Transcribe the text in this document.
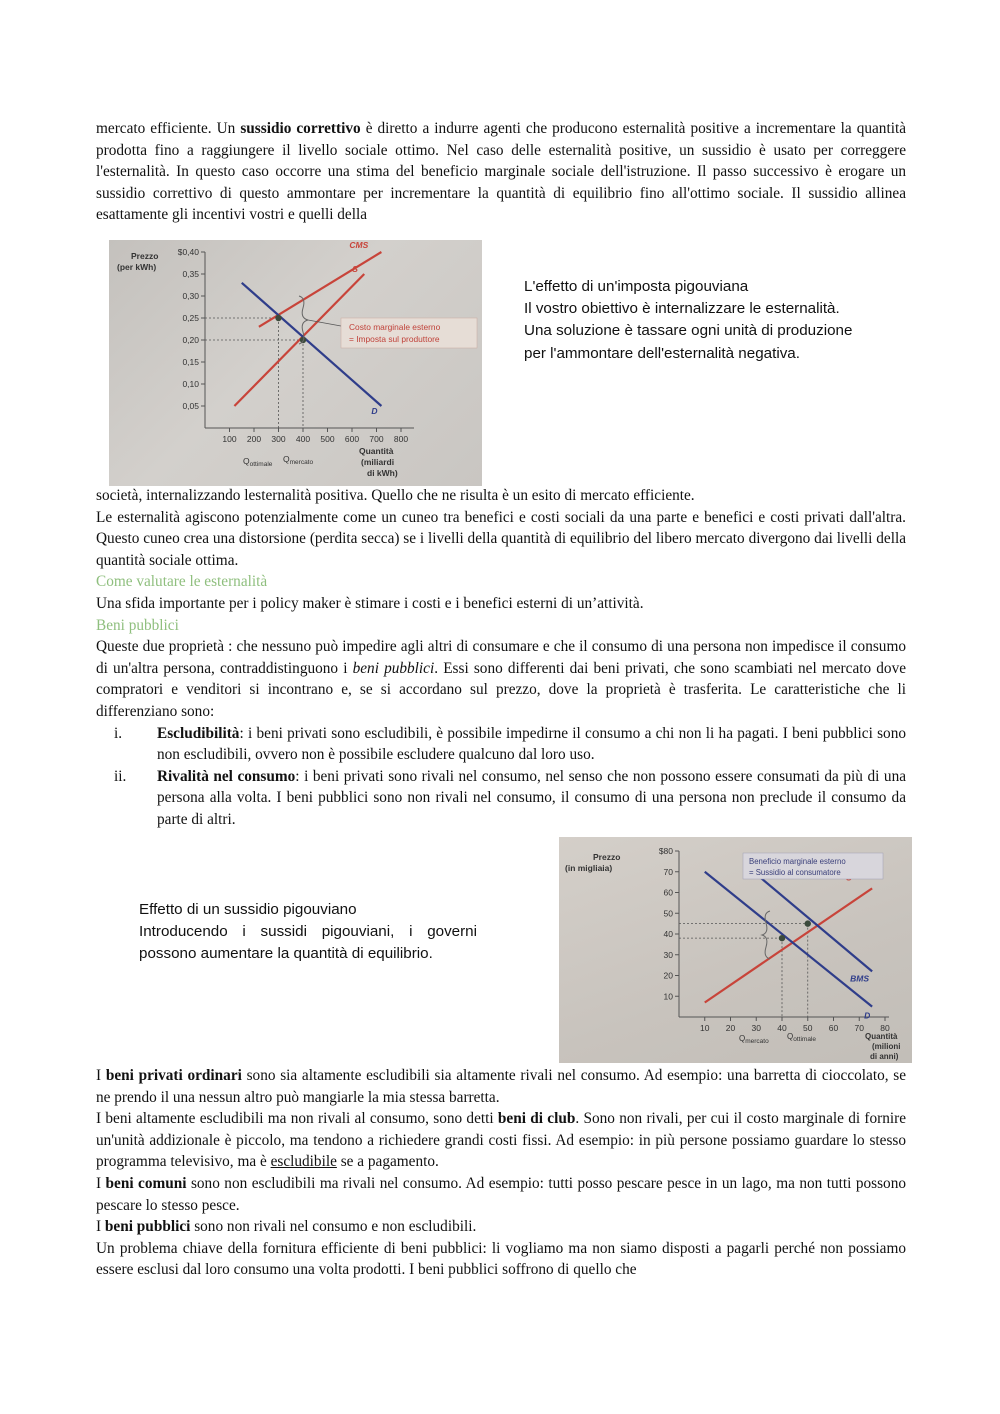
mercato efficiente. Un sussidio correttivo è diretto a indurre agenti che producono esternalità positive a incrementare la quantità prodotta fino a raggiungere il livello sociale ottimo. Nel caso delle esternalità positive, un sussidio è usato per correggere l'esternalità. In questo caso occorre una stima del beneficio marginale sociale dell'istruzione. Il passo successivo è erogare un sussidio correttivo di questo ammontare per incrementare la quantità di equilibrio fino all'ottimo sociale. Il sussidio allinea esattamente gli incentivi vostri e quelli della

Prezzo
(per kWh)
$0,40
0,35
0,30
0,25
0,20
0,15
0,10
0,05
100 200 300 400 500 600 700 800
CMS
S
D
Costo marginale esterno
= Imposta sul produttore
$Q_{ottimale}$
$Q_{mercato}$
Quantità
(miliardi
di kWh)
L'effetto di un'imposta pigouviana
Il vostro obiettivo è internalizzare le esternalità.
Una soluzione è tassare ogni unità di produzione
per l'ammontare dell'esternalità negativa.

società, internalizzando lesternalità positiva. Quello che ne risulta è un esito di mercato efficiente.

Le esternalità agiscono potenzialmente come un cuneo tra benefici e costi sociali da una parte e benefici e costi privati dall'altra. Questo cuneo crea una distorsione (perdita secca) se i livelli della quantità di equilibrio del libero mercato divergono dai livelli della quantità sociale ottima.

Come valutare le esternalità

Una sfida importante per i policy maker è stimare i costi e i benefici esterni di un’attività.

Beni pubblici

Queste due proprietà : che nessuno può impedire agli altri di consumare e che il consumo di una persona non impedisce il consumo di un'altra persona, contraddistinguono i beni pubblici. Essi sono differenti dai beni privati, che sono scambiati nel mercato dove compratori e venditori si incontrano e, se si accordano sul prezzo, dove la proprietà è trasferita. Le caratteristiche che li differenziano sono:

i. Escludibilità: i beni privati sono escludibili, è possibile impedirne il consumo a chi non li ha pagati. I beni pubblici sono non escludibili, ovvero non è possibile escludere qualcuno dal loro uso.
ii. Rivalità nel consumo: i beni privati sono rivali nel consumo, nel senso che non possono essere consumati da più di una persona alla volta. I beni pubblici sono non rivali nel consumo, il consumo di una persona non preclude il consumo da parte di altri.
Effetto di un sussidio pigouviano
Introducendo i sussidi pigouviani, i governi possono aumentare la quantità di equilibrio.
Prezzo
(in migliaia)
$80
70
60
50
40
30
20
10
10 20 30 40 50 60 70 80
D
BMS
Beneficio marginale esterno
= Sussidio al consumatore
$Q_{mercato}$
$Q_{ottimale}$	Quantità
(milioni
di anni)

I beni privati ordinari sono sia altamente escludibili sia altamente rivali nel consumo. Ad esempio: una barretta di cioccolato, se ne prendo il una nessun altro può mangiarle la mia stessa barretta.

I beni altamente escludibili ma non rivali al consumo, sono detti beni di club. Sono non rivali, per cui il costo marginale di fornire un'unità addizionale è piccolo, ma tendono a richiedere grandi costi fissi. Ad esempio: in più persone possiamo guardare lo stesso programma televisivo, ma è escludibile se a pagamento.

I beni comuni sono non escludibili ma rivali nel consumo. Ad esempio: tutti posso pescare pesce in un lago, ma non tutti possono pescare lo stesso pesce.

I beni pubblici sono non rivali nel consumo e non escludibili.

Un problema chiave della fornitura efficiente di beni pubblici: li vogliamo ma non siamo disposti a pagarli perché non possiamo essere esclusi dal loro consumo una volta prodotti. I beni pubblici soffrono di quello che
